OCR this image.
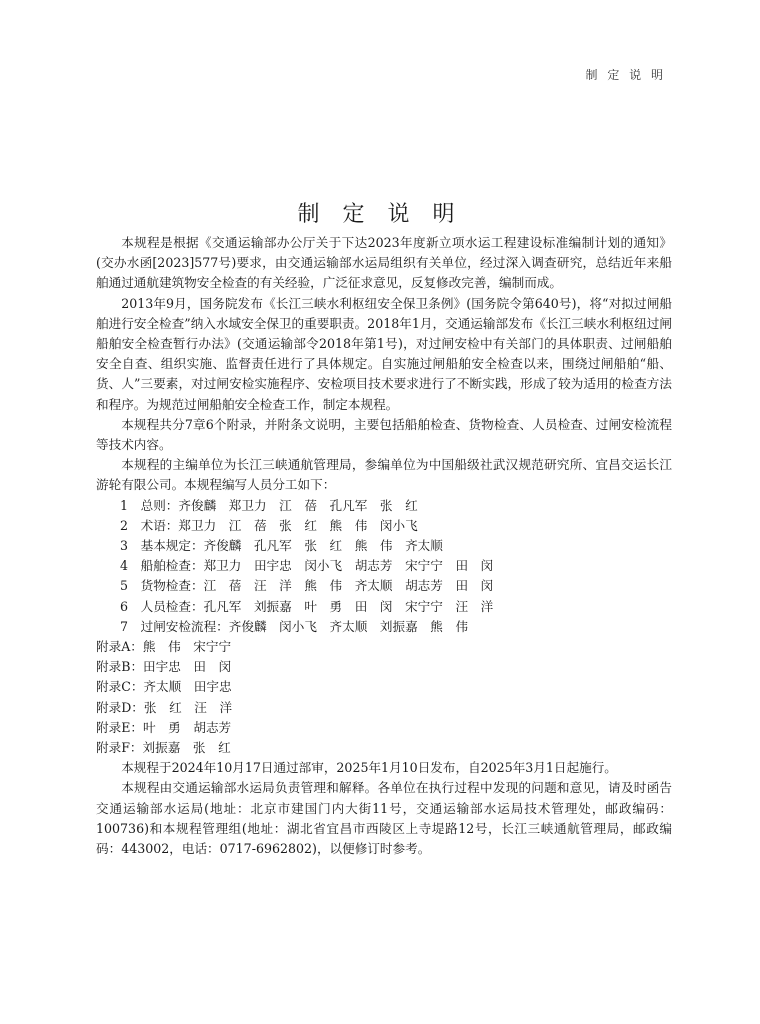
制 定 说 明
制 定 说 明

本规程是根据《交通运输部办公厅关于下达2023年度新立项水运工程建设标准编制计划的通知》(交办水函[2023]577号)要求，由交通运输部水运局组织有关单位，经过深入调查研究，总结近年来船舶通过通航建筑物安全检查的有关经验，广泛征求意见，反复修改完善，编制而成。

2013年9月，国务院发布《长江三峡水利枢纽安全保卫条例》(国务院令第640号)，将“对拟过闸船舶进行安全检查”纳入水域安全保卫的重要职责。2018年1月，交通运输部发布《长江三峡水利枢纽过闸船舶安全检查暂行办法》(交通运输部令2018年第1号)，对过闸安检中有关部门的具体职责、过闸船舶安全自查、组织实施、监督责任进行了具体规定。自实施过闸船舶安全检查以来，围绕过闸船舶“船、货、人”三要素，对过闸安检实施程序、安检项目技术要求进行了不断实践，形成了较为适用的检查方法和程序。为规范过闸船舶安全检查工作，制定本规程。

本规程共分7章6个附录，并附条文说明，主要包括船舶检查、货物检查、人员检查、过闸安检流程等技术内容。

本规程的主编单位为长江三峡通航管理局，参编单位为中国船级社武汉规范研究所、宜昌交运长江游轮有限公司。本规程编写人员分工如下：

1　总则：齐俊麟　郑卫力　江　蓓　孔凡军　张　红

2　术语：郑卫力　江　蓓　张　红　熊　伟　闵小飞

3　基本规定：齐俊麟　孔凡军　张　红　熊　伟　齐太顺

4　船舶检查：郑卫力　田宇忠　闵小飞　胡志芳　宋宁宁　田　闵

5　货物检查：江　蓓　汪　洋　熊　伟　齐太顺　胡志芳　田　闵

6　人员检查：孔凡军　刘振嘉　叶　勇　田　闵　宋宁宁　汪　洋

7　过闸安检流程：齐俊麟　闵小飞　齐太顺　刘振嘉　熊　伟

附录A：熊　伟　宋宁宁

附录B：田宇忠　田　闵

附录C：齐太顺　田宇忠

附录D：张　红　汪　洋

附录E：叶　勇　胡志芳

附录F：刘振嘉　张　红

本规程于2024年10月17日通过部审，2025年1月10日发布，自2025年3月1日起施行。

本规程由交通运输部水运局负责管理和解释。各单位在执行过程中发现的问题和意见，请及时函告交通运输部水运局(地址：北京市建国门内大街11号，交通运输部水运局技术管理处，邮政编码：100736)和本规程管理组(地址：湖北省宜昌市西陵区上寺堤路12号，长江三峡通航管理局，邮政编码：443002，电话：0717-6962802)，以便修订时参考。
